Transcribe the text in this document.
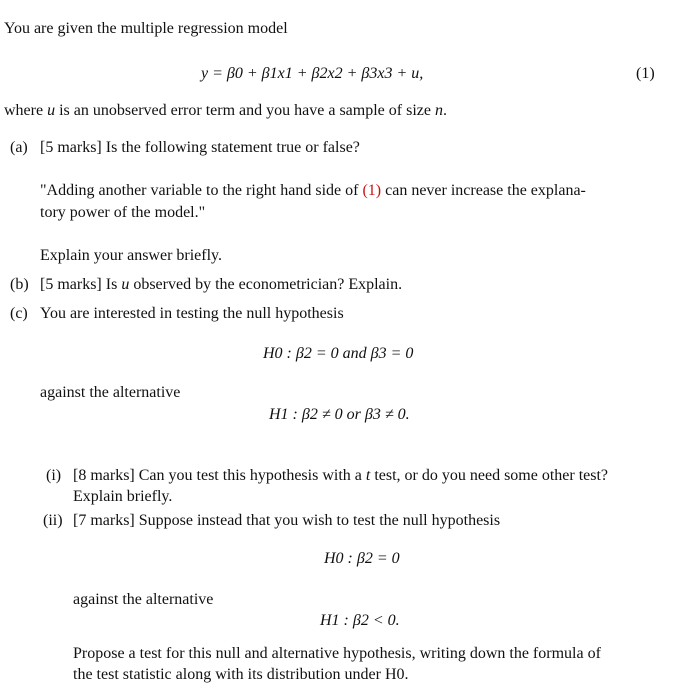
You are given the multiple regression model
y = β0 + β1x1 + β2x2 + β3x3 + u,	(1)
where u is an unobserved error term and you have a sample of size n.
(a) [5 marks] Is the following statement true or false?
"Adding another variable to the right hand side of (1) can never increase the explana-
tory power of the model."
Explain your answer briefly.
(b) [5 marks] Is u observed by the econometrician? Explain.
(c) You are interested in testing the null hypothesis
H0 : β2 = 0 and β3 = 0
against the alternative
H1 : β2 ≠ 0 or β3 ≠ 0.
(i) [8 marks] Can you test this hypothesis with a t test, or do you need some other test?
Explain briefly.
(ii) [7 marks] Suppose instead that you wish to test the null hypothesis
H0 : β2 = 0
against the alternative
H1 : β2 < 0.
Propose a test for this null and alternative hypothesis, writing down the formula of
the test statistic along with its distribution under H0.
